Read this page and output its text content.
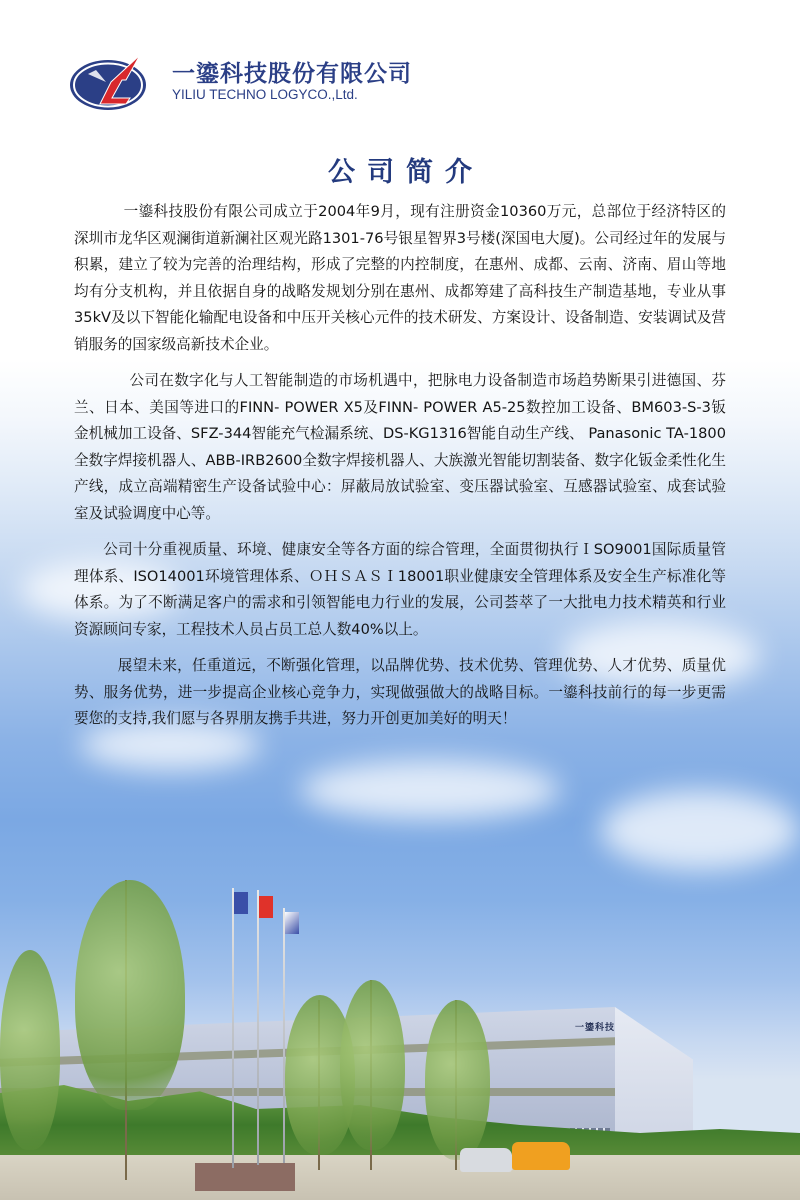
一鎏科技股份有限公司
YILIU TECHNO LOGYCO.,Ltd.
公司简介

一鎏科技股份有限公司成立于2004年9月，现有注册资金10360万元，总部位于经济特区的深圳市龙华区观澜街道新澜社区观光路1301-76号银星智界3号楼(深国电大厦)。公司经过年的发展与积累，建立了较为完善的治理结构，形成了完整的内控制度，在惠州、成都、云南、济南、眉山等地均有分支机构，并且依据自身的战略发规划分别在惠州、成都筹建了高科技生产制造基地，专业从事35kV及以下智能化输配电设备和中压开关核心元件的技术研发、方案设计、设备制造、安装调试及营销服务的国家级高新技术企业。

公司在数字化与人工智能制造的市场机遇中，把脉电力设备制造市场趋势断果引进德国、芬兰、日本、美国等进口的FINN- POWER X5及FINN- POWER A5-25数控加工设备、BM603-S-3钣金机械加工设备、SFZ-344智能充气检漏系统、DS-KG1316智能自动生产线、 Panasonic TA-1800全数字焊接机器人、ABB-IRB2600全数字焊接机器人、大族激光智能切割装备、数字化钣金柔性化生产线，成立高端精密生产设备试验中心：屏蔽局放试验室、变压器试验室、互感器试验室、成套试验室及试验调度中心等。

公司十分重视质量、环境、健康安全等各方面的综合管理，全面贯彻执行ＩSO9001国际质量管理体系、ISO14001环境管理体系、ＯＨＳＡＳＩ18001职业健康安全管理体系及安全生产标准化等体系。为了不断满足客户的需求和引领智能电力行业的发展，公司荟萃了一大批电力技术精英和行业资源顾问专家，工程技术人员占员工总人数40%以上。

展望未来，任重道远，不断强化管理，以品牌优势、技术优势、管理优势、人才优势、质量优势、服务优势，进一步提高企业核心竞争力，实现做强做大的战略目标。一鎏科技前行的每一步更需要您的支持,我们愿与各界朋友携手共进，努力开创更加美好的明天！

一鎏科技
